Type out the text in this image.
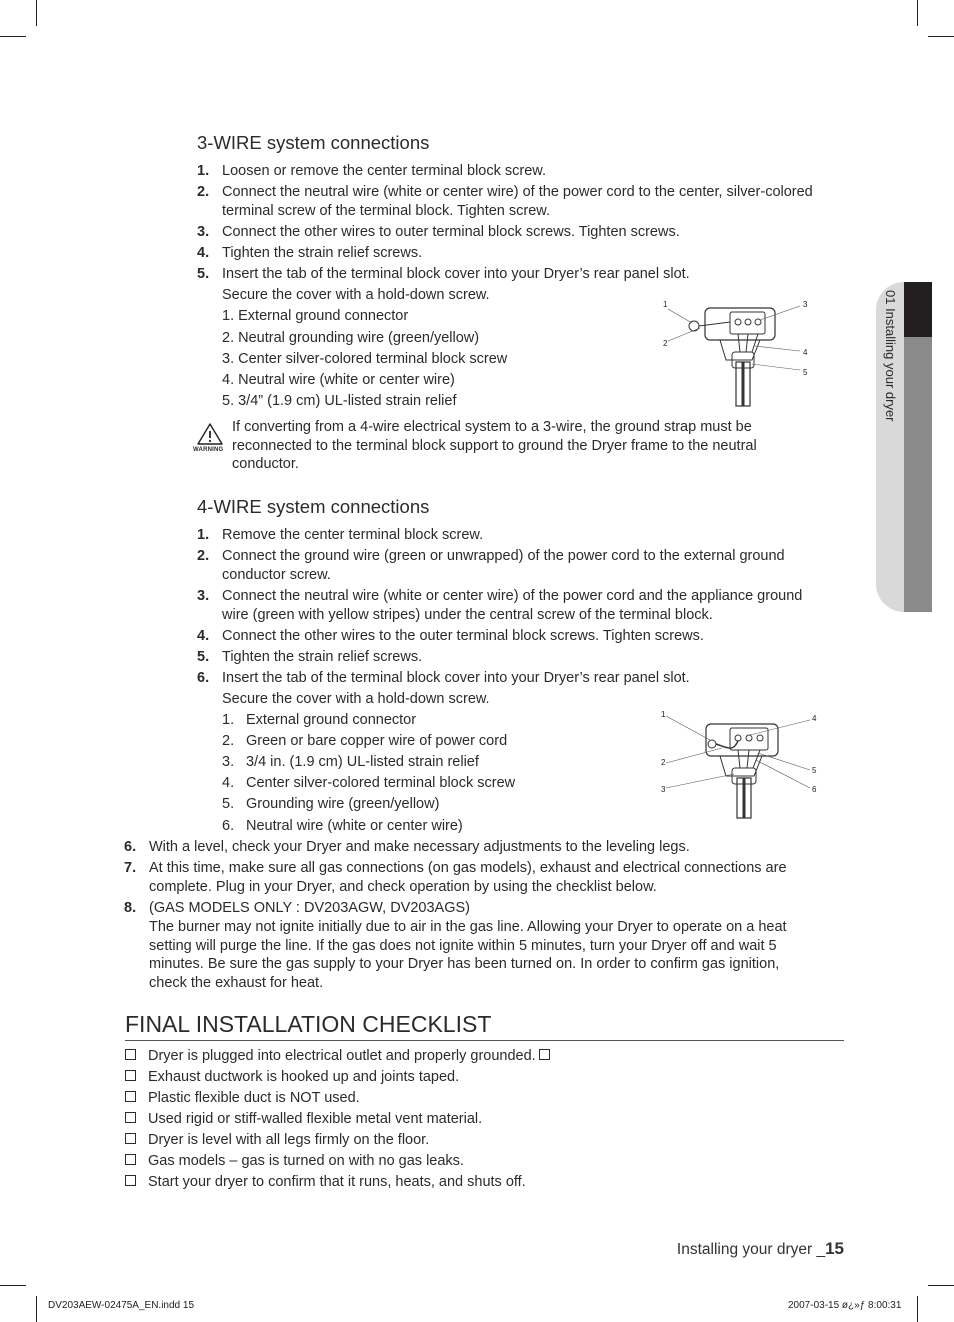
01 Installing your dryer
3-WIRE system connections
1. Loosen or remove the center terminal block screw.
2. Connect the neutral wire (white or center wire) of the power cord to the center, silver-colored
terminal screw of the terminal block. Tighten screw.
3. Connect the other wires to outer terminal block screws. Tighten screws.
4. Tighten the strain relief screws.
5. Insert the tab of the terminal block cover into your Dryer’s rear panel slot.
Secure the cover with a hold-down screw.
1. External ground connector
2. Neutral grounding wire (green/yellow)
3. Center silver-colored terminal block screw
4. Neutral wire (white or center wire)
5. 3/4” (1.9 cm) UL-listed strain relief
1
2
3
4
5
WARNING
If converting from a 4-wire electrical system to a 3-wire, the ground strap must be
reconnected to the terminal block support to ground the Dryer frame to the neutral
conductor.
4-WIRE system connections
1. Remove the center terminal block screw.
2. Connect the ground wire (green or unwrapped) of the power cord to the external ground
conductor screw.
3. Connect the neutral wire (white or center wire) of the power cord and the appliance ground
wire (green with yellow stripes) under the central screw of the terminal block.
4. Connect the other wires to the outer terminal block screws. Tighten screws.
5. Tighten the strain relief screws.
6. Insert the tab of the terminal block cover into your Dryer’s rear panel slot.
Secure the cover with a hold-down screw.
1. External ground connector
2. Green or bare copper wire of power cord
3. 3/4 in. (1.9 cm) UL-listed strain relief
4. Center silver-colored terminal block screw
5. Grounding wire (green/yellow)
6. Neutral wire (white or center wire)
1
2
3
4
5
6
6. With a level, check your Dryer and make necessary adjustments to the leveling legs.
7. At this time, make sure all gas connections (on gas models), exhaust and electrical connections are
complete. Plug in your Dryer, and check operation by using the checklist below.
8. (GAS MODELS ONLY : DV203AGW, DV203AGS)
The burner may not ignite initially due to air in the gas line. Allowing your Dryer to operate on a heat
setting will purge the line. If the gas does not ignite within 5 minutes, turn your Dryer off and wait 5
minutes. Be sure the gas supply to your Dryer has been turned on. In order to confirm gas ignition,
check the exhaust for heat.
FINAL INSTALLATION CHECKLIST
Dryer is plugged into electrical outlet and properly grounded.
Exhaust ductwork is hooked up and joints taped.
Plastic flexible duct is NOT used.
Used rigid or stiff-walled flexible metal vent material.
Dryer is level with all legs firmly on the floor.
Gas models – gas is turned on with no gas leaks.
Start your dryer to confirm that it runs, heats, and shuts off.
Installing your dryer _15
DV203AEW-02475A_EN.indd 15	2007-03-15 ø¿»ƒ 8:00:31
